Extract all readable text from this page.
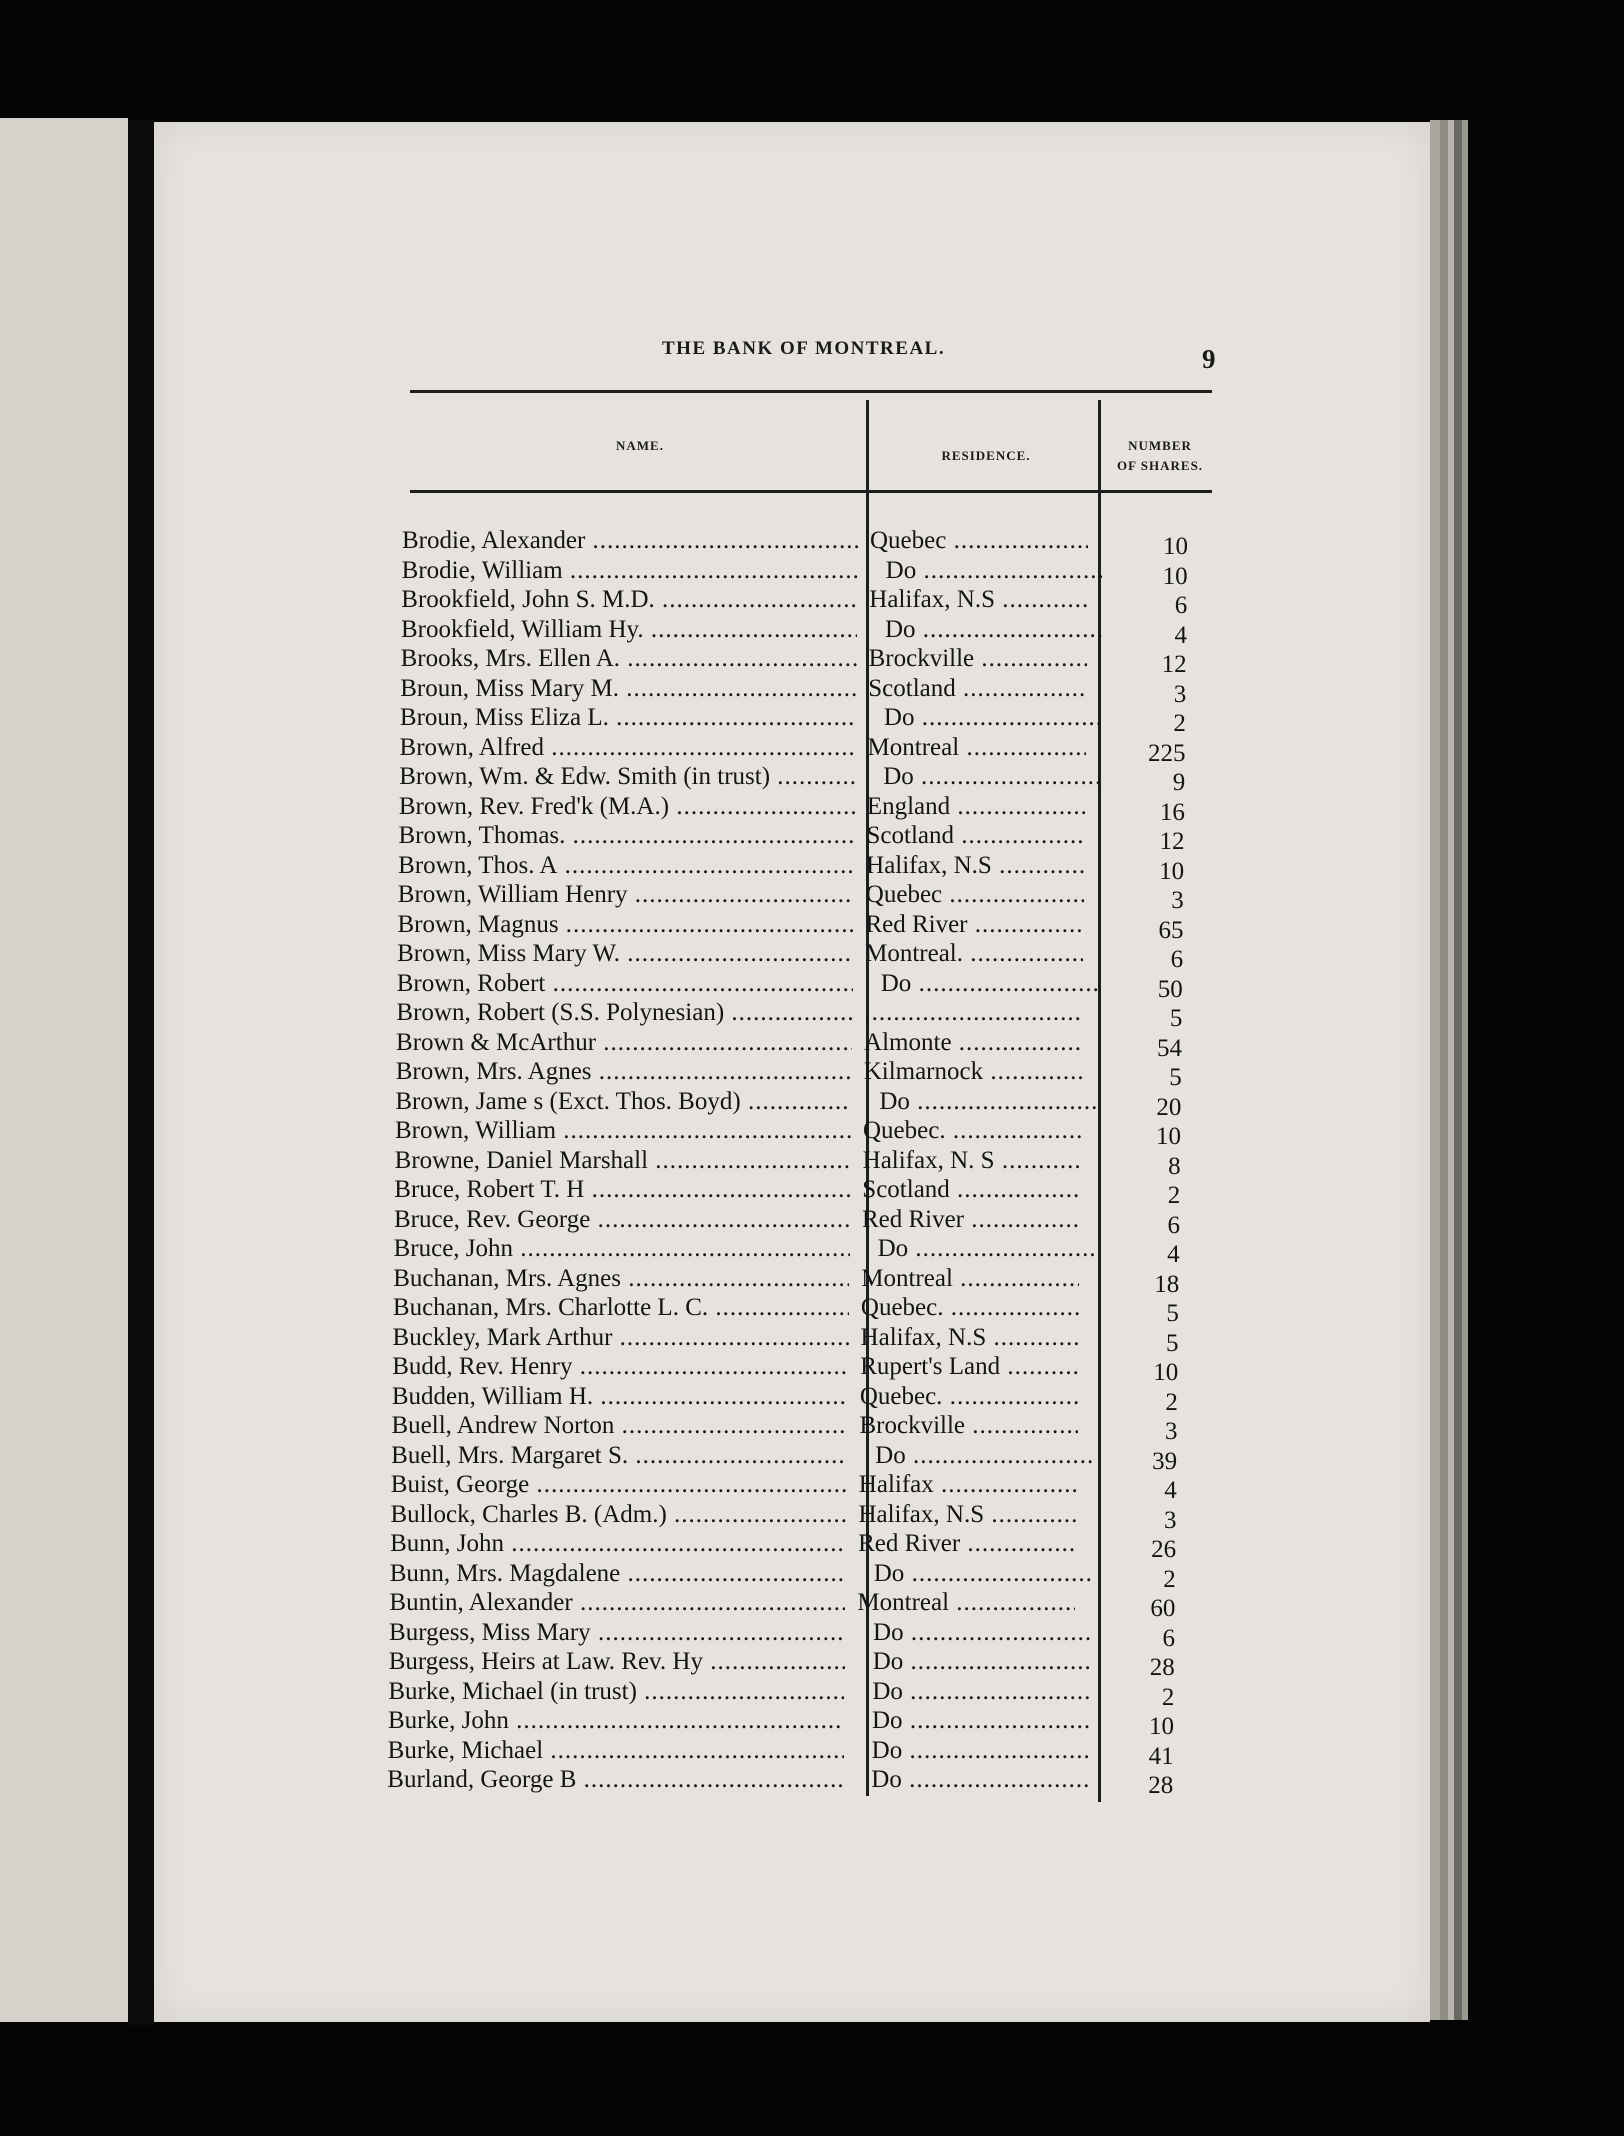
THE BANK OF MONTREAL.	9
NAME.
RESIDENCE.
NUMBER
OF SHARES.
Brodie, Alexander .....	Quebec .....	10
Brodie, William .....	Do .....	10
Brookfield, John S. M.D. .....	Halifax, N.S .....	6
Brookfield, William Hy. .....	Do .....	4
Brooks, Mrs. Ellen A. .....	Brockville .....	12
Broun, Miss Mary M. .....	Scotland .....	3
Broun, Miss Eliza L. .....	Do .....	2
Brown, Alfred .....	Montreal .....	225
Brown, Wm. & Edw. Smith (in trust) .....	Do .....	9
Brown, Rev. Fred'k (M.A.) .....	England .....	16
Brown, Thomas. .....	Scotland .....	12
Brown, Thos. A .....	Halifax, N.S .....	10
Brown, William Henry .....	Quebec .....	3
Brown, Magnus .....	Red River .....	65
Brown, Miss Mary W. .....	Montreal. .....	6
Brown, Robert .....	Do .....	50
Brown, Robert (S.S. Polynesian) ..... .....	5
Brown & McArthur .....	Almonte .....	54
Brown, Mrs. Agnes .....	Kilmarnock .....	5
Brown, Jame s (Exct. Thos. Boyd) .....	Do .....	20
Brown, William .....	Quebec. .....	10
Browne, Daniel Marshall .....	Halifax, N. S .....	8
Bruce, Robert T. H .....	Scotland .....	2
Bruce, Rev. George .....	Red River .....	6
Bruce, John .....	Do .....	4
Buchanan, Mrs. Agnes .....	Montreal .....	18
Buchanan, Mrs. Charlotte L. C. .....	Quebec. .....	5
Buckley, Mark Arthur .....	Halifax, N.S .....	5
Budd, Rev. Henry .....	Rupert's Land .....	10
Budden, William H. .....	Quebec. .....	2
Buell, Andrew Norton .....	Brockville .....	3
Buell, Mrs. Margaret S. .....	Do .....	39
Buist, George .....	Halifax .....	4
Bullock, Charles B. (Adm.) .....	Halifax, N.S .....	3
Bunn, John .....	Red River .....	26
Bunn, Mrs. Magdalene .....	Do .....	2
Buntin, Alexander .....	Montreal .....	60
Burgess, Miss Mary .....	Do .....	6
Burgess, Heirs at Law. Rev. Hy .....	Do .....	28
Burke, Michael (in trust) .....	Do .....	2
Burke, John .....	Do .....	10
Burke, Michael .....	Do .....	41
Burland, George B .....	Do .....	28
